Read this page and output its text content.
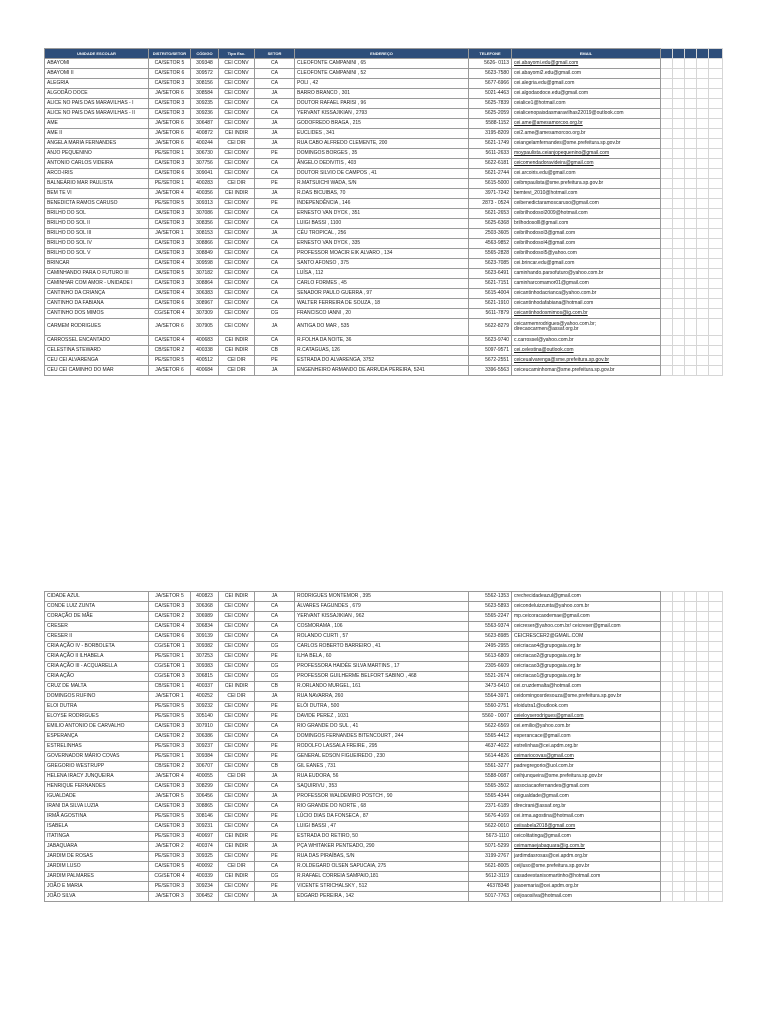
UNIDADE ESCOLAR	DISTRITO/SETOR	CÓDIGO	Tipo Esc.	SETOR	ENDEREÇO	TELEFONE	EMAIL					
ABAYOMI	CA/SETOR 5	309348	CEI CONV	CA	CLEOFONTE CAMPANINI , 65	5626- 0113	cei.abayomi.edu@gmail.com					
ABAYOMI II	CA/SETOR 6	309572	CEI CONV	CA	CLEOFONTE CAMPANINI , 52	5623-7580	cei.abayomi2.edu@gmail.com					
ALEGRIA	CA/SETOR 3	308156	CEI CONV	CA	POLI , 42	5677-6966	cei.alegria.edu@gmail.com					
ALGODÃO DOCE	JA/SETOR 6	308584	CEI CONV	JA	BARRO BRANCO , 301	5021-4463	cei.algodaodoce.edu@gmail.com					
ALICE NO PAIS DAS MARAVILHAS - I	CA/SETOR 3	309235	CEI CONV	CA	DOUTOR RAFAEL PARISI , 96	5625-7839	ceialice1@hotmail.com					
ALICE NO PAIS DAS MARAVILHAS - II	CA/SETOR 3	309236	CEI CONV	CA	YERVANT KISSAJIKIAN , 2793	5625-2059	ceialicenopaisdasmaravilhas22019@outlook.com					
AME	JA/SETOR 6	306487	CEI CONV	JA	GODOFREDO BRAGA , 215	5588-1152	cei.ame@amesamorcoo.org.br					
AME II	JA/SETOR 6	400872	CEI INDIR	JA	EUCLIDES , 341	3195-8209	cei2.ame@amesamorcoo.org.br					
ANGELA MARIA FERNANDES	JA/SETOR 6	400244	CEI DIR	JA	RUA CABO ALFREDO CLEMENTE, 200	5621-1749	ceiangelamfernandes@sme.prefeitura.sp.gov.br					
ANJO PEQUENINO	PE/SETOR 1	306730	CEI CONV	PE	DOMINGOS BORGES , 35	5611-2633	moypaulista.ceianjopequenino@gmail.com					
ANTONIO CARLOS VIDEIRA	CA/SETOR 3	307756	CEI CONV	CA	ÂNGELO DEDIVITIS , 403	5622-6181	ceicomendadoravideira@gmail.com					
ARCO-IRIS	CA/SETOR 6	309041	CEI CONV	CA	DOUTOR SILVIO DE CAMPOS , 41	5621-2744	cei.arcoiris.edu@gmail.com					
BALNEÁRIO MAR PAULISTA	PE/SETOR 1	400283	CEI DIR	PE	R.MATSUICHI WADA, S/N	5615-5000	ceibmpaulista@sme.prefeitura.sp.gov.br					
BEM TE VI	JA/SETOR 4	400356	CEI INDIR	JA	R.DAS BICUIBAS, 70	3971-7242	bemtevi_2010@hotmail.com					
BENEDICTA RAMOS CARUSO	PE/SETOR 5	309313	CEI CONV	PE	INDEPENDÊNCIA , 146	2873 - 0524	ceibenedictaramoscaruso@gmail.com					
BRILHO DO SOL	CA/SETOR 3	307086	CEI CONV	CA	ERNESTO VAN DYCK , 351	5621-2653	ceibrilhodosol2009@hotmail.com					
BRILHO DO SOL II	CA/SETOR 3	308356	CEI CONV	CA	LUIGI BASSI , 1100	5625-6368	brilhodosolll@gmail.com					
BRILHO DO SOL III	JA/SETOR 1	308153	CEI CONV	JA	CÉU TROPICAL , 256	2503-3605	ceibrilhodosol3@gmail.com					
BRILHO DO SOL IV	CA/SETOR 3	308866	CEI CONV	CA	ERNESTO VAN DYCK , 335	4563-9852	ceibrilhodosol4@gmail.com					
BRILHO DO SOL V	CA/SETOR 3	308849	CEI CONV	CA	PROFESSOR MOACIR EIK ALVARO , 134	5565-2828	ceibrilhodosol5@yahoo.com					
BRINCAR	CA/SETOR 4	309598	CEI CONV	CA	SANTO AFONSO , 375	5623-7085	cei.brincar.edu@gmail.com					
CAMINHANDO PARA O FUTURO III	CA/SETOR 5	307182	CEI CONV	CA	LUÍSA , 112	5623-6491	caminhando.parsofuturo@yahoo.com.br					
CAMINHAR COM AMOR - UNIDADE I	CA/SETOR 3	308864	CEI CONV	CA	CARLO FORMES , 45	5621-7151	caminharcomamor01@gmail.com					
CANTINHO DA CRIANÇA	CA/SETOR 4	306383	CEI CONV	CA	SENADOR PAULO GUERRA , 97	5615-4004	ceicantinhodacrianca@yahoo.com.br					
CANTINHO DA FABIANA	CA/SETOR 6	308967	CEI CONV	CA	WALTER FERREIRA DE SOUZA , 18	5621-1910	ceicantinhodafabiana@hotmail.com					
CANTINHO DOS MIMOS	CG/SETOR 4	307309	CEI CONV	CG	FRANCISCO IANNI , 20	5611-7879	ceicantinhodosmimos@ig.com.br					
CARMEM RODRIGUES	JA/SETOR 6	307905	CEI CONV	JA	ANTIGA DO MAR , 535	5622-8279	ceicarmemrodrigues@yahoo.com.br; direcaocarmen@assaf.org.br					
CARROSSEL ENCANTADO	CA/SETOR 4	400683	CEI INDIR	CA	R.FOLHA DA NOITE, 36	5623-9740	c.carrossel@yahoo.com.br					
CELESTINA STEWARD	CB/SETOR 2	400338	CEI INDIR	CB	R.CATAGUAS, 126	5097-9571	cei.celestina@outlook.com					
CEU CEI ALVARENGA	PE/SETOR 5	400512	CEI DIR	PE	ESTRADA DO ALVARENGA, 3752	5672-2551	ceiceualvarenga@sme.prefeitura.sp.gov.br					
CEU CEI CAMINHO DO MAR	JA/SETOR 6	400684	CEI DIR	JA	ENGENHEIRO ARMANDO DE ARRUDA PEREIRA, 5241	3396-5563	ceiceucaminhomar@sme.prefeitura.sp.gov.br					
CIDADE AZUL	JA/SETOR 5	400823	CEI INDIR	JA	RODRIGUES MONTEMOR , 395	5562-1353	crechecidadeazul@gmail.com					
CONDE LUIZ ZUNTA	CA/SETOR 3	306368	CEI CONV	CA	ÁLVARES FAGUNDES , 679	5623-5893	ceicondeluizzunta@yahoo.com.br					
CORAÇÃO DE MÃE	CA/SETOR 2	306989	CEI CONV	CA	YERVANT KISSAJIKIAN , 962	5565-2247	mp.ceicoracaodemae@gmail.com					
CRESER	CA/SETOR 4	306834	CEI CONV	CA	COSMORAMA , 106	5563-9374	ceicreser@yahoo.com.br/ ceicreser@gmail.com					
CRESER II	CA/SETOR 6	309139	CEI CONV	CA	ROLANDO CURTI , 57	5623-8985	CEICRESCER2@GMAIL.COM					
CRIA AÇÃO IV - BORBOLETA	CG/SETOR 1	309382	CEI CONV	CG	CARLOS ROBERTO BARREIRO , 41	2495-2955	ceicriacao4@grupogaia.org.br					
CRIA AÇÃO II ILHABELA	PE/SETOR 1	307253	CEI CONV	PE	ILHA BELA , 60	5613-6809	ceicriacao2@grupogaia.org.br					
CRIA AÇÃO III - ACQUARELLA	CG/SETOR 1	309383	CEI CONV	CG	PROFESSORA HAIDÉE SILVA MARTINS , 17	2305-6609	ceicriacao3@grupogaia.org.br					
CRIA AÇÃO	CG/SETOR 3	306815	CEI CONV	CG	PROFESSOR GUILHERME BELFORT SABINO , 468	5521-2674	ceicriacao1@grupogaia.org.br					
CRUZ DE MALTA	CB/SETOR 1	400337	CEI INDIR	CB	R.ORLANDO MURGEL, 161	3473-6410	cei.cruzdemalta@hotmail.com					
DOMINGOS RUFINO	JA/SETOR 1	400252	CEI DIR	JA	RUA NAVARRA, 260	5564-3971	ceidomingosrdesouza@sme.prefeitura.sp.gov.br					
ELOI DUTRA	PE/SETOR 5	309232	CEI CONV	PE	ELÓI DUTRA , 500	5560-2751	eloidutra1@outlook.com					
ELOYSE RODRIGUES	PE/SETOR 5	305140	CEI CONV	PE	DAVIDE PEREZ , 1031	5560 - 0007	ceieloyserodrigues@gmail.com					
EMILIO ANTONIO DE CARVALHO	CA/SETOR 3	307910	CEI CONV	CA	RIO GRANDE DO SUL , 41	5622-6569	cei.emilio@yahoo.com.br					
ESPERANÇA	CA/SETOR 2	306386	CEI CONV	CA	DOMINGOS FERNANDES BITENCOURT , 244	5565-4412	esperancace@gmail.com					
ESTRELINHAS	PE/SETOR 3	309237	CEI CONV	PE	RODOLFO LASSALA FREIRE , 295	4637-4022	estrelinhas@cei.apdm.org.br					
GOVERNADOR MÁRIO COVAS	PE/SETOR 1	309384	CEI CONV	PE	GENERAL EDSON FIGUEIREDO , 230	5614-4826	ceimariocovas@gmail.com					
GREGORIO WESTRUPP	CB/SETOR 2	306707	CEI CONV	CB	GIL EANES , 731	5561-3277	padregregorio@uol.com.br					
HELENA IRACY JUNQUEIRA	JA/SETOR 4	400055	CEI DIR	JA	RUA EUDORA, 56	5588-0087	ceihjunqueira@sme.prefeitura.sp.gov.br					
HENRIQUE FERNANDES	CA/SETOR 3	308299	CEI CONV	CA	SAQUIRIVU , 353	5565-3502	associacaofernandes@gmail.com					
IGUALDADE	JA/SETOR 5	306456	CEI CONV	JA	PROFESSOR WALDEMIRO POSTCH , 90	5565-4344	ceigualdade@gmail.com					
IRANI DA SILVA LUZIA	CA/SETOR 3	308865	CEI CONV	CA	RIO GRANDE DO NORTE , 68	2371-6189	direcirani@assaf.org.br					
IRMÃ AGOSTINA	PE/SETOR 5	308146	CEI CONV	PE	LÚCIO DIAS DA FONSECA , 87	5676-4169	cei.irma.agostina@hotmail.com					
ISABELA	CA/SETOR 3	309231	CEI CONV	CA	LUIGI BASSI , 47	5622-0010	ceiisabela2018@gmail.com					
ITATINGA	PE/SETOR 3	400697	CEI INDIR	PE	ESTRADA DO RETIRO, 50	5673-1110	ceicolitatinga@gmail.com					
JABAQUARA	JA/SETOR 2	400374	CEI INDIR	JA	PÇA WHITAKER PENTEADO, 290	5071-5299	ceimamaejabaquara@ig.com.br					
JARDIM DE ROSAS	PE/SETOR 3	309325	CEI CONV	PE	RUA DAS PIRAÍBAS, S/N	3199-2767	jardimdasrosas@cei.apdm.org.br					
JARDIM LUSO	CA/SETOR 5	400092	CEI DIR	CA	R.OLDEGARD OLSEN SAPUCAIA, 275	5621-8005	ceijluso@sme.prefeitura.sp.gov.br					
JARDIM PALMARES	CG/SETOR 4	400339	CEI INDIR	CG	R.RAFAEL CORREIA SAMPAIO,181	5612-3119	casadeestanisomartinho@hotmail.com					
JOÃO E MARIA	PE/SETOR 3	309234	CEI CONV	PE	VICENTE STRICHALSKY , 512	46378348	joaoemaria@cei.apdm.org.br					
JOÃO SILVA	JA/SETOR 3	306452	CEI CONV	JA	EDGARD PEREIRA , 142	5017-7763	ceijoaosilva@hotmail.com					
